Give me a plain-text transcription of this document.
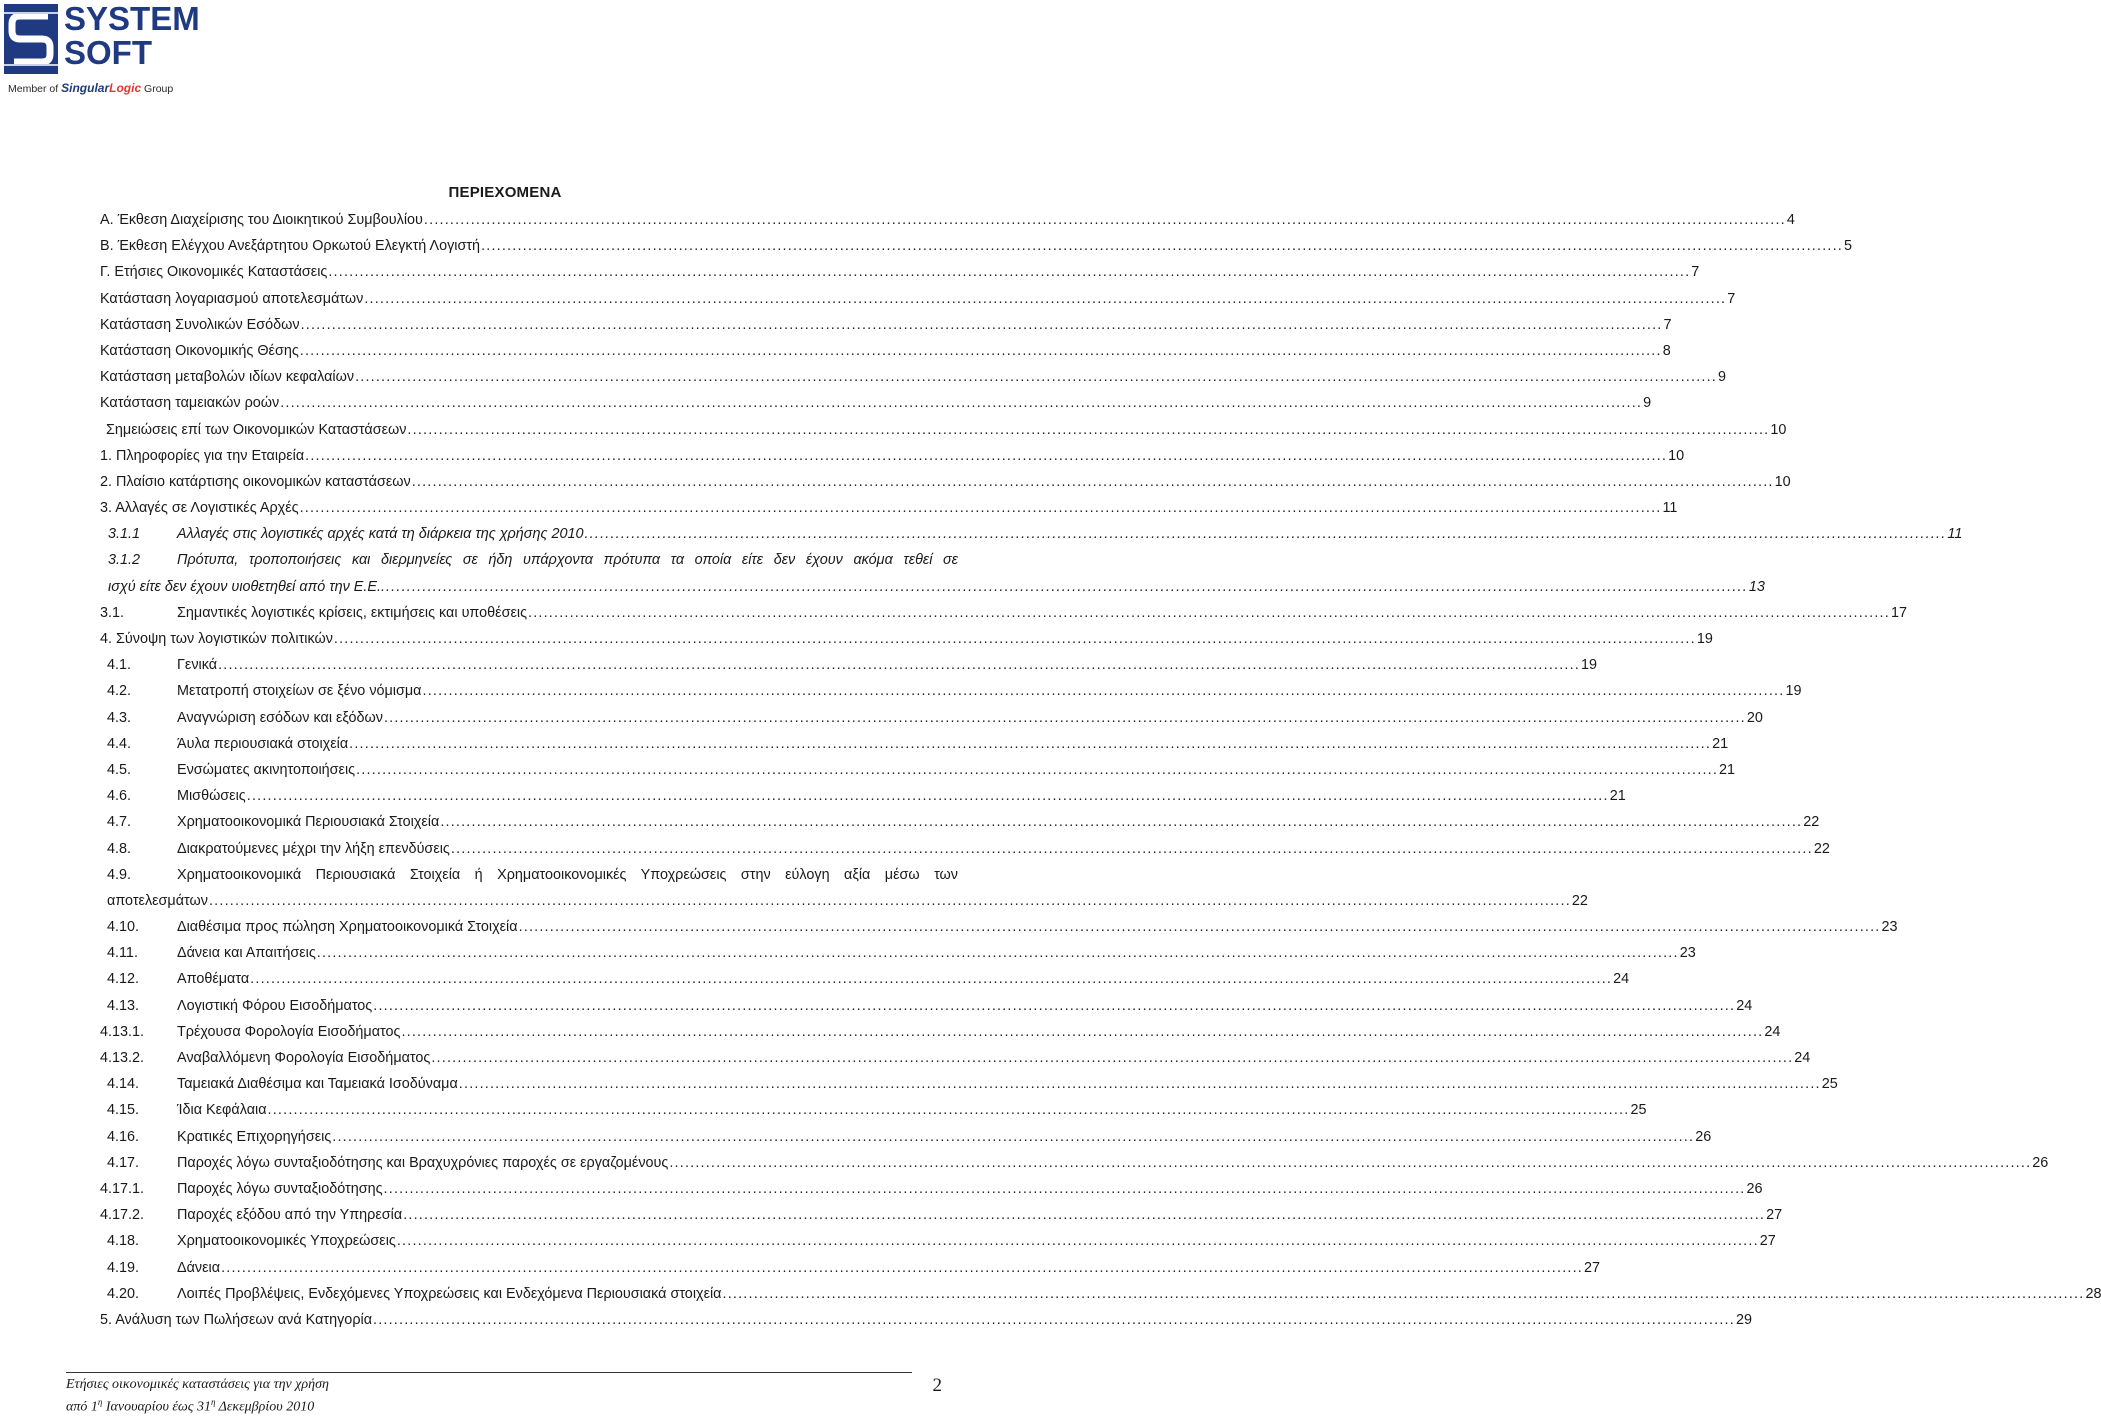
SYSTEM
SOFT
Member of SingularLogic Group
ΠΕΡΙΕΧΟΜΕΝΑ
Α. Έκθεση Διαχείρισης του Διοικητικού Συμβουλίου .....	4
Β. Έκθεση Ελέγχου Ανεξάρτητου Ορκωτού Ελεγκτή Λογιστή .....	5
Γ. Ετήσιες Οικονομικές Καταστάσεις .....	7
Κατάσταση λογαριασμού αποτελεσμάτων .....	7
Κατάσταση Συνολικών Εσόδων .....	7
Κατάσταση Οικονομικής Θέσης .....	8
Κατάσταση μεταβολών ιδίων κεφαλαίων .....	9
Κατάσταση ταμειακών ροών .....	9
Σημειώσεις επί των Οικονομικών Καταστάσεων .....	10
1. Πληροφορίες για την Εταιρεία .....	10
2. Πλαίσιο κατάρτισης οικονομικών καταστάσεων .....	10
3. Αλλαγές σε Λογιστικές Αρχές .....	11
3.1.1	Αλλαγές στις λογιστικές αρχές κατά τη διάρκεια της χρήσης 2010 .....	11
3.1.2	Πρότυπα, τροποποιήσεις και διερμηνείες σε ήδη υπάρχοντα πρότυπα τα οποία είτε δεν έχουν ακόμα τεθεί σε
ισχύ είτε δεν έχουν υιοθετηθεί από την Ε.Ε.. .....	13
3.1.	Σημαντικές λογιστικές κρίσεις, εκτιμήσεις και υποθέσεις .....	17
4. Σύνοψη των λογιστικών πολιτικών .....	19
4.1.	Γενικά .....	19
4.2.	Μετατροπή στοιχείων σε ξένο νόμισμα .....	19
4.3.	Αναγνώριση εσόδων και εξόδων .....	20
4.4.	Άυλα περιουσιακά στοιχεία .....	21
4.5.	Ενσώματες ακινητοποιήσεις .....	21
4.6.	Μισθώσεις .....	21
4.7.	Χρηματοοικονομικά Περιουσιακά Στοιχεία .....	22
4.8.	Διακρατούμενες μέχρι την λήξη επενδύσεις .....	22
4.9.	Χρηματοοικονομικά Περιουσιακά Στοιχεία ή Χρηματοοικονομικές Υποχρεώσεις στην εύλογη αξία μέσω των
αποτελεσμάτων .....	22
4.10.	Διαθέσιμα προς πώληση Χρηματοοικονομικά Στοιχεία .....	23
4.11.	Δάνεια και Απαιτήσεις .....	23
4.12.	Αποθέματα .....	24
4.13.	Λογιστική Φόρου Εισοδήματος .....	24
4.13.1.	Τρέχουσα Φορολογία Εισοδήματος .....	24
4.13.2.	Αναβαλλόμενη Φορολογία Εισοδήματος .....	24
4.14.	Ταμειακά Διαθέσιμα και Ταμειακά Ισοδύναμα .....	25
4.15.	Ίδια Κεφάλαια .....	25
4.16.	Κρατικές Επιχορηγήσεις .....	26
4.17.	Παροχές λόγω συνταξιοδότησης και Βραχυχρόνιες παροχές σε εργαζομένους .....	26
4.17.1.	Παροχές λόγω συνταξιοδότησης .....	26
4.17.2.	Παροχές εξόδου από την Υπηρεσία .....	27
4.18.	Χρηματοοικονομικές Υποχρεώσεις .....	27
4.19.	Δάνεια .....	27
4.20.	Λοιπές Προβλέψεις, Ενδεχόμενες Υποχρεώσεις και Ενδεχόμενα Περιουσιακά στοιχεία .....	28
5. Ανάλυση των Πωλήσεων ανά Κατηγορία .....	29
Ετήσιες οικονομικές καταστάσεις για την χρήση
από $1^\eta$ Ιανουαρίου έως $31^\eta$ Δεκεμβρίου 2010
2
